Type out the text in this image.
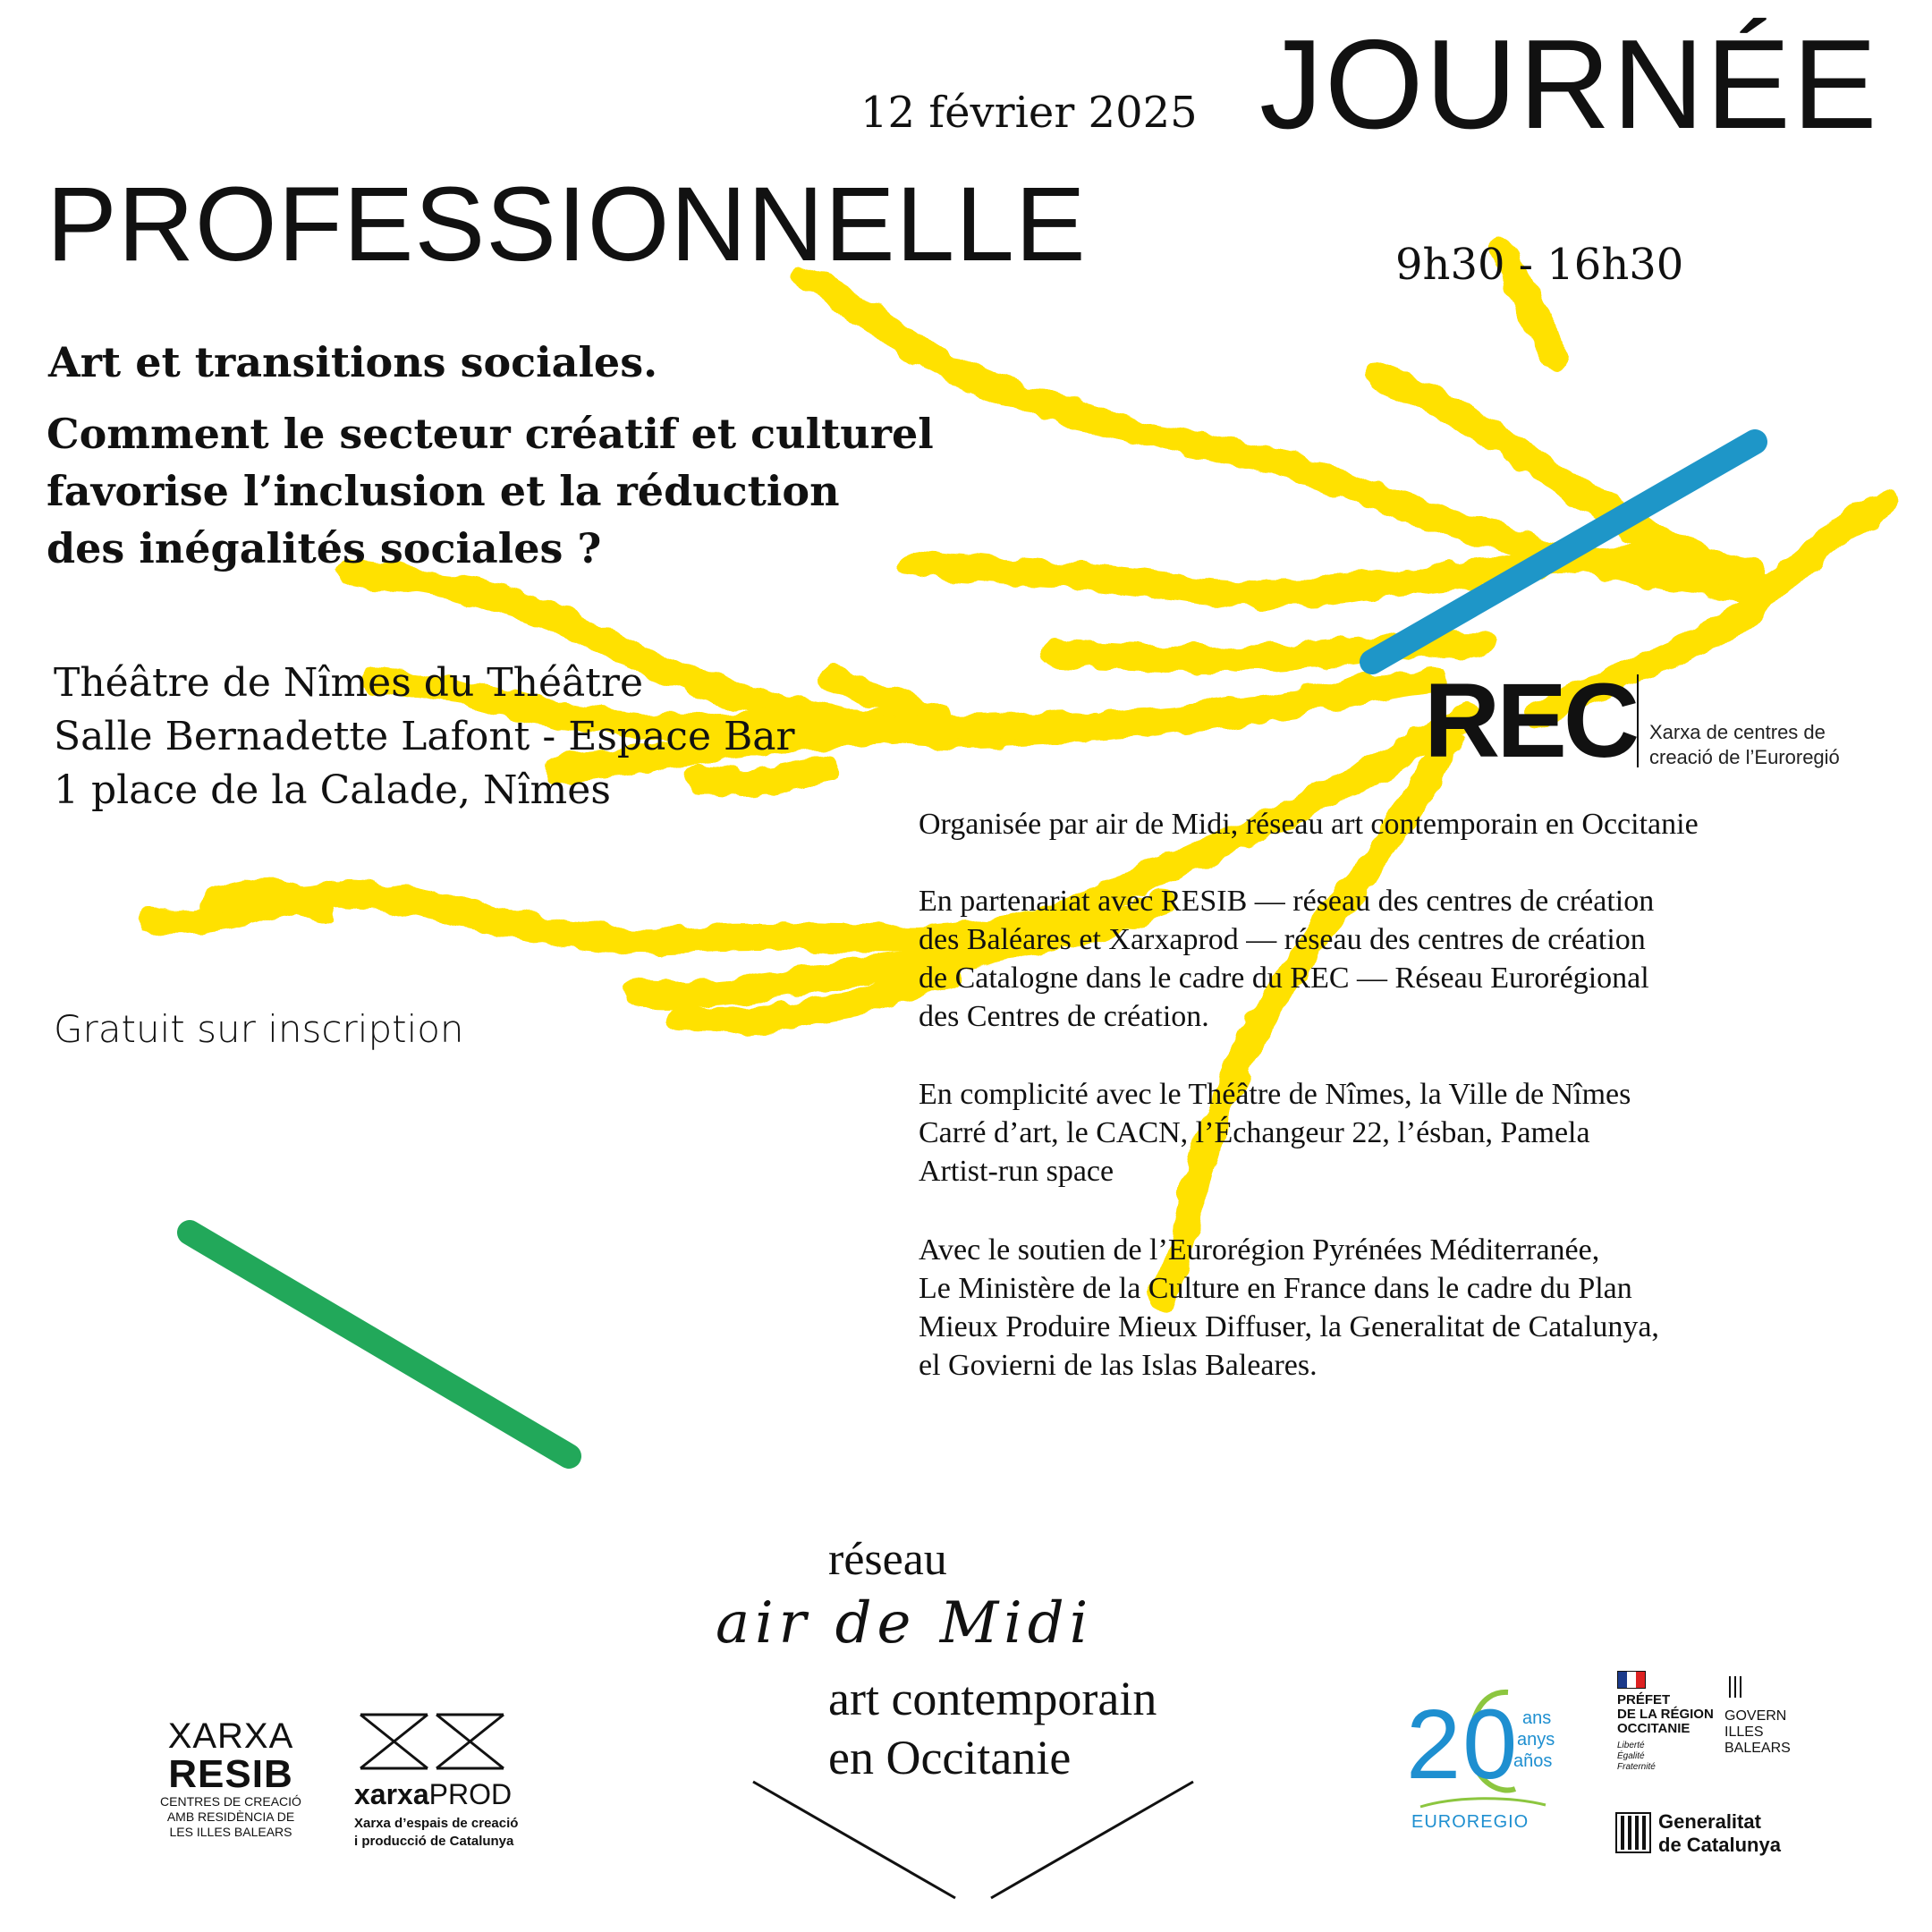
12 février 2025 JOURNÉE
PROFESSIONNELLE	9h30 - 16h30
Art et transitions sociales.
Comment le secteur créatif et culturel
favorise l’inclusion et la réduction
des inégalités sociales ?
Théâtre de Nîmes du Théâtre
Salle Bernadette Lafont - Espace Bar
1 place de la Calade, Nîmes
Gratuit sur inscription
REC Xarxa de centres de
creació de l’Euroregió

Organisée par air de Midi, réseau art contemporain en Occitanie

En partenariat avec RESIB — réseau des centres de création

des Baléares et Xarxaprod — réseau des centres de création

de Catalogne dans le cadre du REC — Réseau Eurorégional

des Centres de création.

En complicité avec le Théâtre de Nîmes, la Ville de Nîmes

Carré d’art, le CACN, l’Échangeur 22, l’ésban, Pamela

Artist-run space

Avec le soutien de l’Eurorégion Pyrénées Méditerranée,

Le Ministère de la Culture en France dans le cadre du Plan

Mieux Produire Mieux Diffuser, la Generalitat de Catalunya,

el Govierni de las Islas Baleares.

réseau
air de Midi
art contemporain
en Occitanie
XARXA
RESIB
CENTRES DE CREACIÓ
AMB RESIDÈNCIA DE
LES ILLES BALEARS
xarxaPROD
Xarxa d’espais de creació
i producció de Catalunya
20 ans
anys
años
EUROREGIO
PRÉFET
DE LA RÉGION
OCCITANIE
Liberté
Égalité
Fraternité
GOVERN
ILLES
BALEARS
Generalitat
de Catalunya
